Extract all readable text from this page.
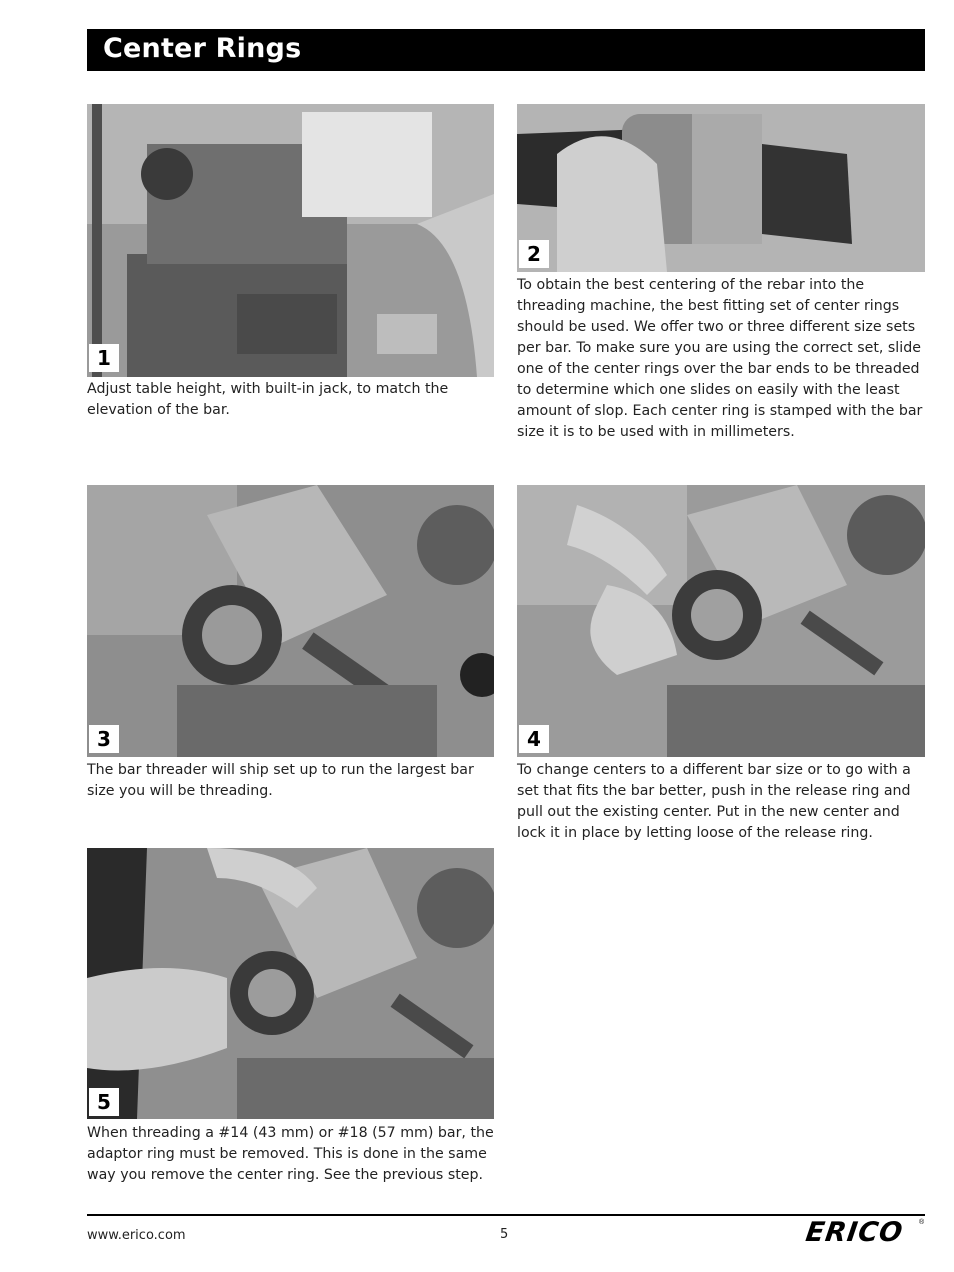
Center Rings
1
Adjust table height, with built-in jack, to match the elevation of the bar.
2
To obtain the best centering of the rebar into the threading machine, the best fitting set of center rings should be used. We offer two or three different size sets per bar. To make sure you are using the correct set, slide one of the center rings over the bar ends to be threaded to determine which one slides on easily with the least amount of slop. Each center ring is stamped with the bar size it is to be used with in millimeters.
3
The bar threader will ship set up to run the largest bar size you will be threading.
4
To change centers to a different bar size or to go with a set that fits the bar better, push in the release ring and pull out the existing center. Put in the new center and lock it in place by letting loose of the release ring.
5
When threading a #14 (43 mm) or #18 (57 mm) bar, the adaptor ring must be removed. This is done in the same way you remove the center ring. See the previous step.
www.erico.com	5	ERICO ®
